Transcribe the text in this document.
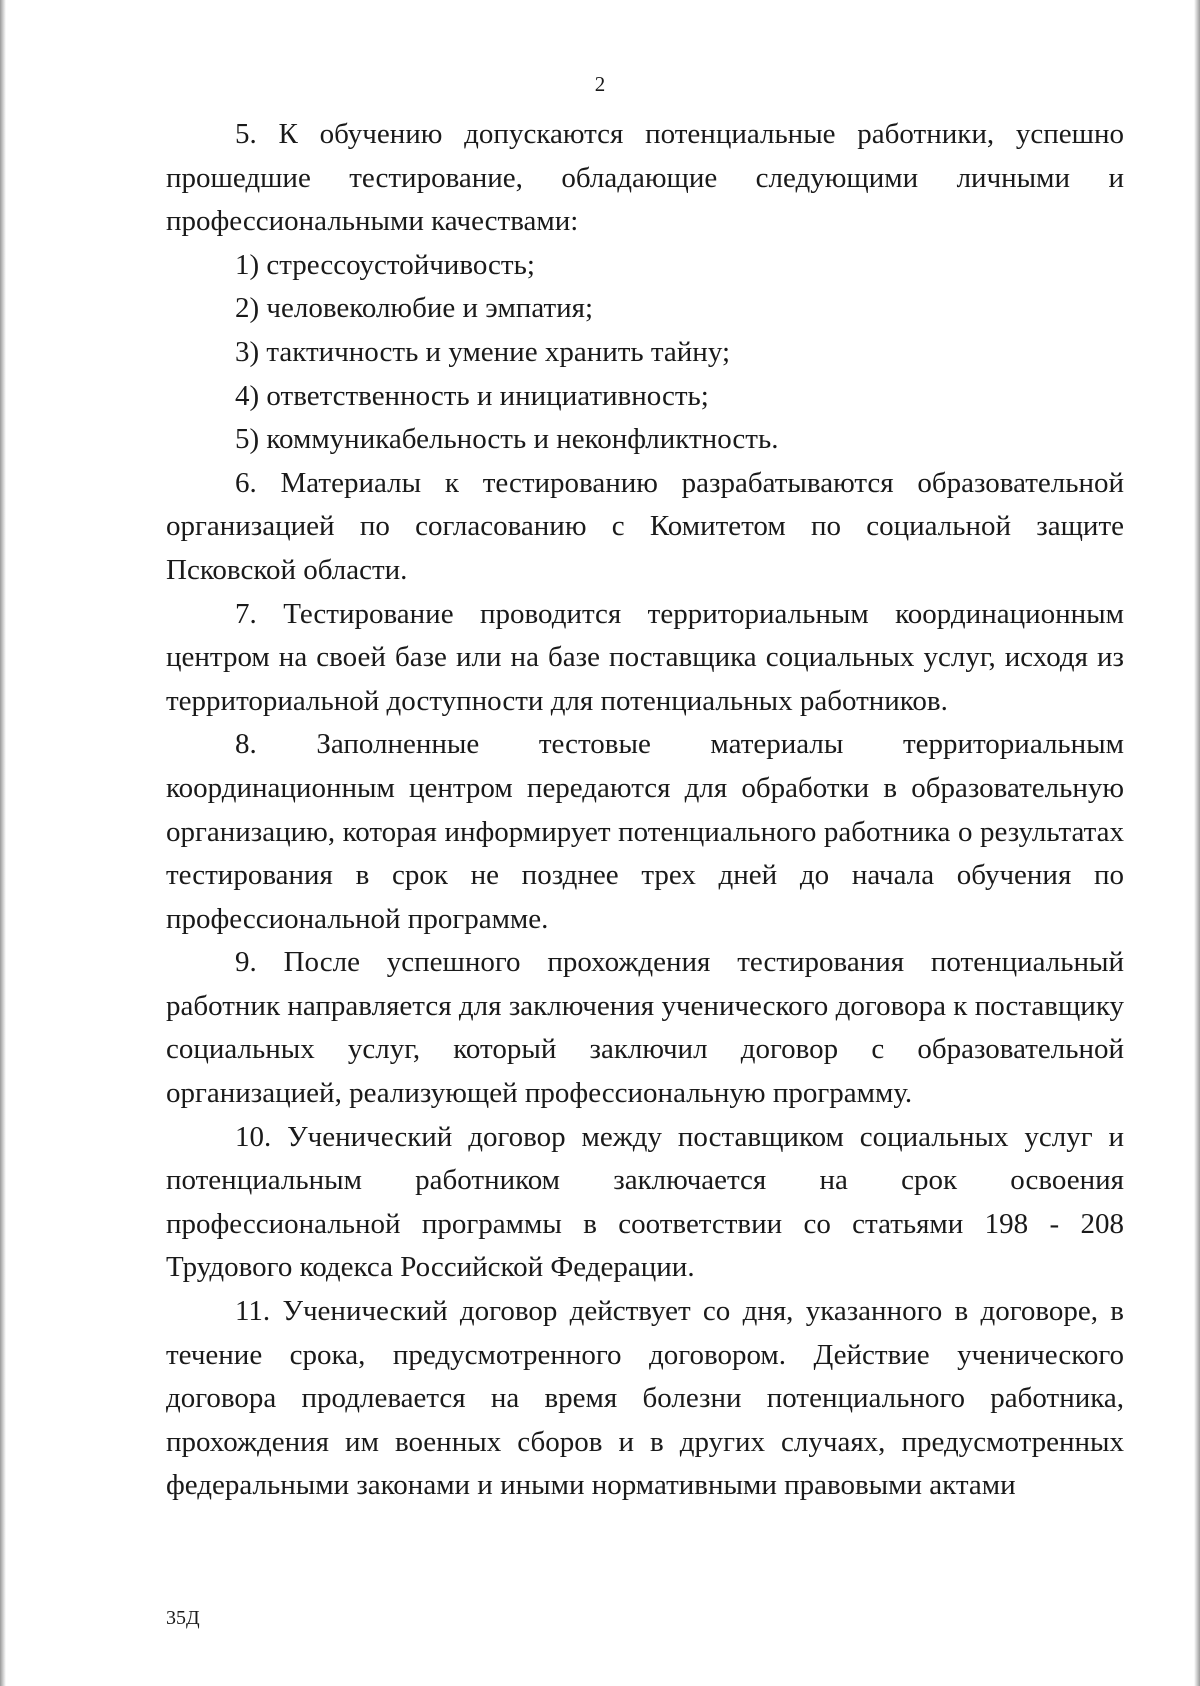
2

5. К обучению допускаются потенциальные работники, успешно прошедшие тестирование, обладающие следующими личными и профессиональными качествами:

1) стрессоустойчивость;

2) человеколюбие и эмпатия;

3) тактичность и умение хранить тайну;

4) ответственность и инициативность;

5) коммуникабельность и неконфликтность.

6. Материалы к тестированию разрабатываются образовательной организацией по согласованию с Комитетом по социальной защите Псковской области.

7. Тестирование проводится территориальным координационным центром на своей базе или на базе поставщика социальных услуг, исходя из территориальной доступности для потенциальных работников.

8. Заполненные тестовые материалы территориальным координационным центром передаются для обработки в образовательную организацию, которая информирует потенциального работника о результатах тестирования в срок не позднее трех дней до начала обучения по профессиональной программе.

9. После успешного прохождения тестирования потенциальный работник направляется для заключения ученического договора к поставщику социальных услуг, который заключил договор с образовательной организацией, реализующей профессиональную программу.

10. Ученический договор между поставщиком социальных услуг и потенциальным работником заключается на срок освоения профессиональной программы в соответствии со статьями 198 - 208 Трудового кодекса Российской Федерации.

11. Ученический договор действует со дня, указанного в договоре, в течение срока, предусмотренного договором. Действие ученического договора продлевается на время болезни потенциального работника, прохождения им военных сборов и в других случаях, предусмотренных федеральными законами и иными нормативными правовыми актами

35Д
